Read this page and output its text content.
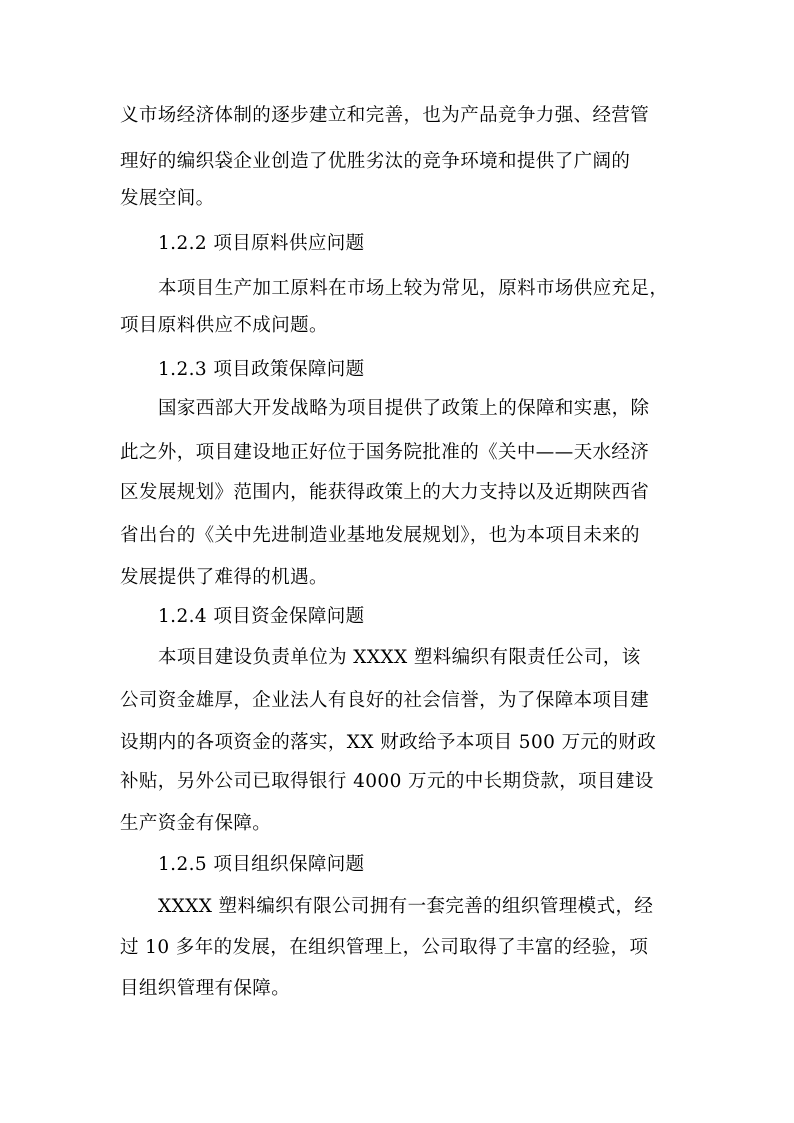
义市场经济体制的逐步建立和完善，也为产品竞争力强、经营管
理好的编织袋企业创造了优胜劣汰的竞争环境和提供了广阔的
发展空间。
1.2.2 项目原料供应问题
本项目生产加工原料在市场上较为常见，原料市场供应充足，
项目原料供应不成问题。
1.2.3 项目政策保障问题
国家西部大开发战略为项目提供了政策上的保障和实惠，除
此之外，项目建设地正好位于国务院批准的《关中——天水经济
区发展规划》范围内，能获得政策上的大力支持以及近期陕西省
省出台的《关中先进制造业基地发展规划》，也为本项目未来的
发展提供了难得的机遇。
1.2.4 项目资金保障问题
本项目建设负责单位为 XXXX 塑料编织有限责任公司，该
公司资金雄厚，企业法人有良好的社会信誉，为了保障本项目建
设期内的各项资金的落实，XX 财政给予本项目 500 万元的财政
补贴，另外公司已取得银行 4000 万元的中长期贷款，项目建设
生产资金有保障。
1.2.5 项目组织保障问题
XXXX 塑料编织有限公司拥有一套完善的组织管理模式，经
过 10 多年的发展，在组织管理上，公司取得了丰富的经验，项
目组织管理有保障。
